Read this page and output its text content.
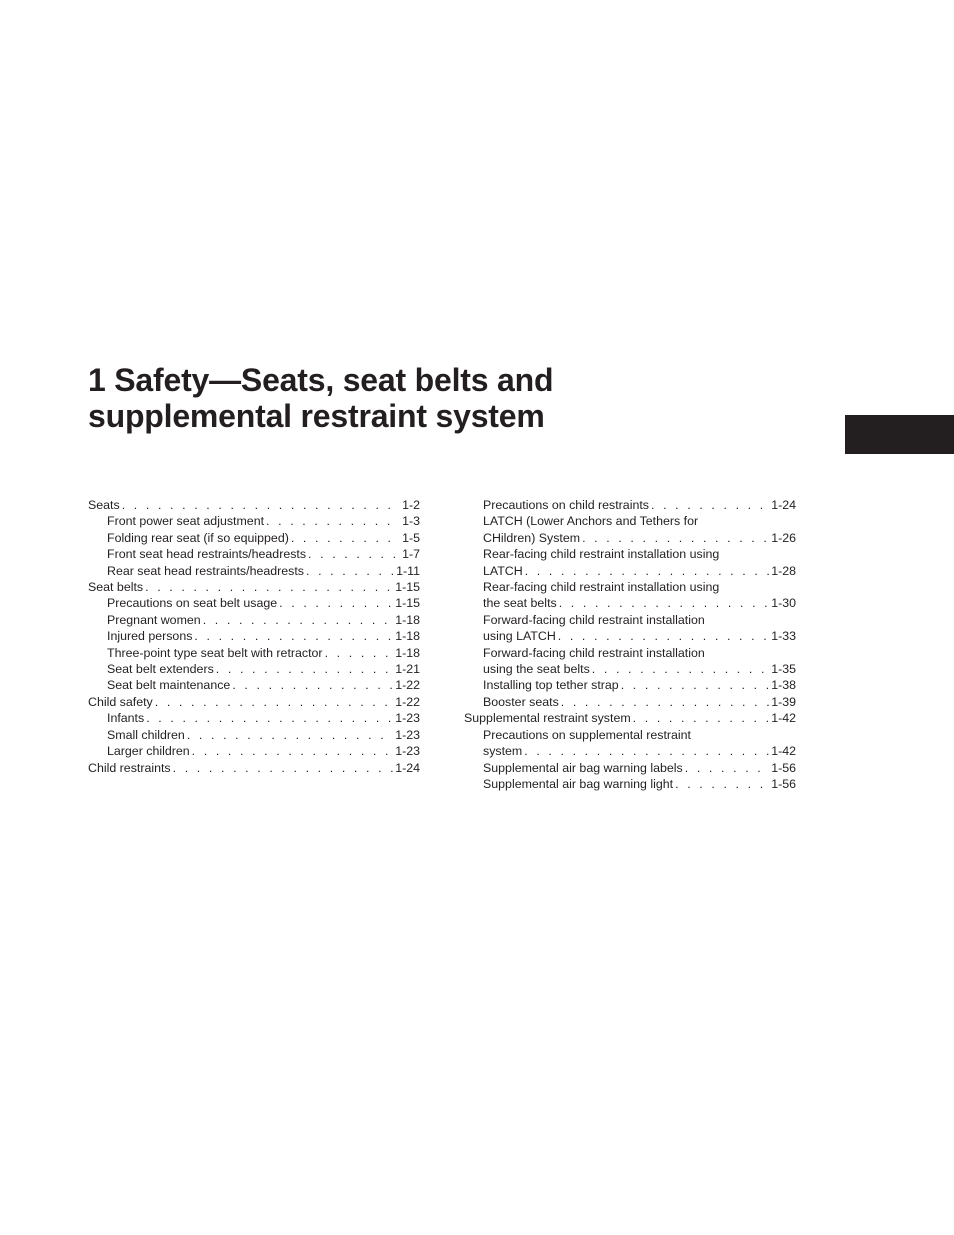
1 Safety—Seats, seat belts and
supplemental restraint system
Seats . . .	1-2
Front power seat adjustment . . .	1-3
Folding rear seat (if so equipped) . . .	1-5
Front seat head restraints/headrests . . .	1-7
Rear seat head restraints/headrests . . .	1-11
Seat belts . . .	1-15
Precautions on seat belt usage . . .	1-15
Pregnant women . . .	1-18
Injured persons . . .	1-18
Three-point type seat belt with retractor . . .	1-18
Seat belt extenders . . .	1-21
Seat belt maintenance . . .	1-22
Child safety . . .	1-22
Infants . . .	1-23
Small children . . .	1-23
Larger children . . .	1-23
Child restraints . . .	1-24
Precautions on child restraints . . .	1-24
LATCH (Lower Anchors and Tethers for
CHildren) System . . .	1-26
Rear-facing child restraint installation using
LATCH . . .	1-28
Rear-facing child restraint installation using
the seat belts . . .	1-30
Forward-facing child restraint installation
using LATCH . . .	1-33
Forward-facing child restraint installation
using the seat belts . . .	1-35
Installing top tether strap . . .	1-38
Booster seats . . .	1-39
Supplemental restraint system . . .	1-42
Precautions on supplemental restraint
system . . .	1-42
Supplemental air bag warning labels . . .	1-56
Supplemental air bag warning light . . .	1-56
